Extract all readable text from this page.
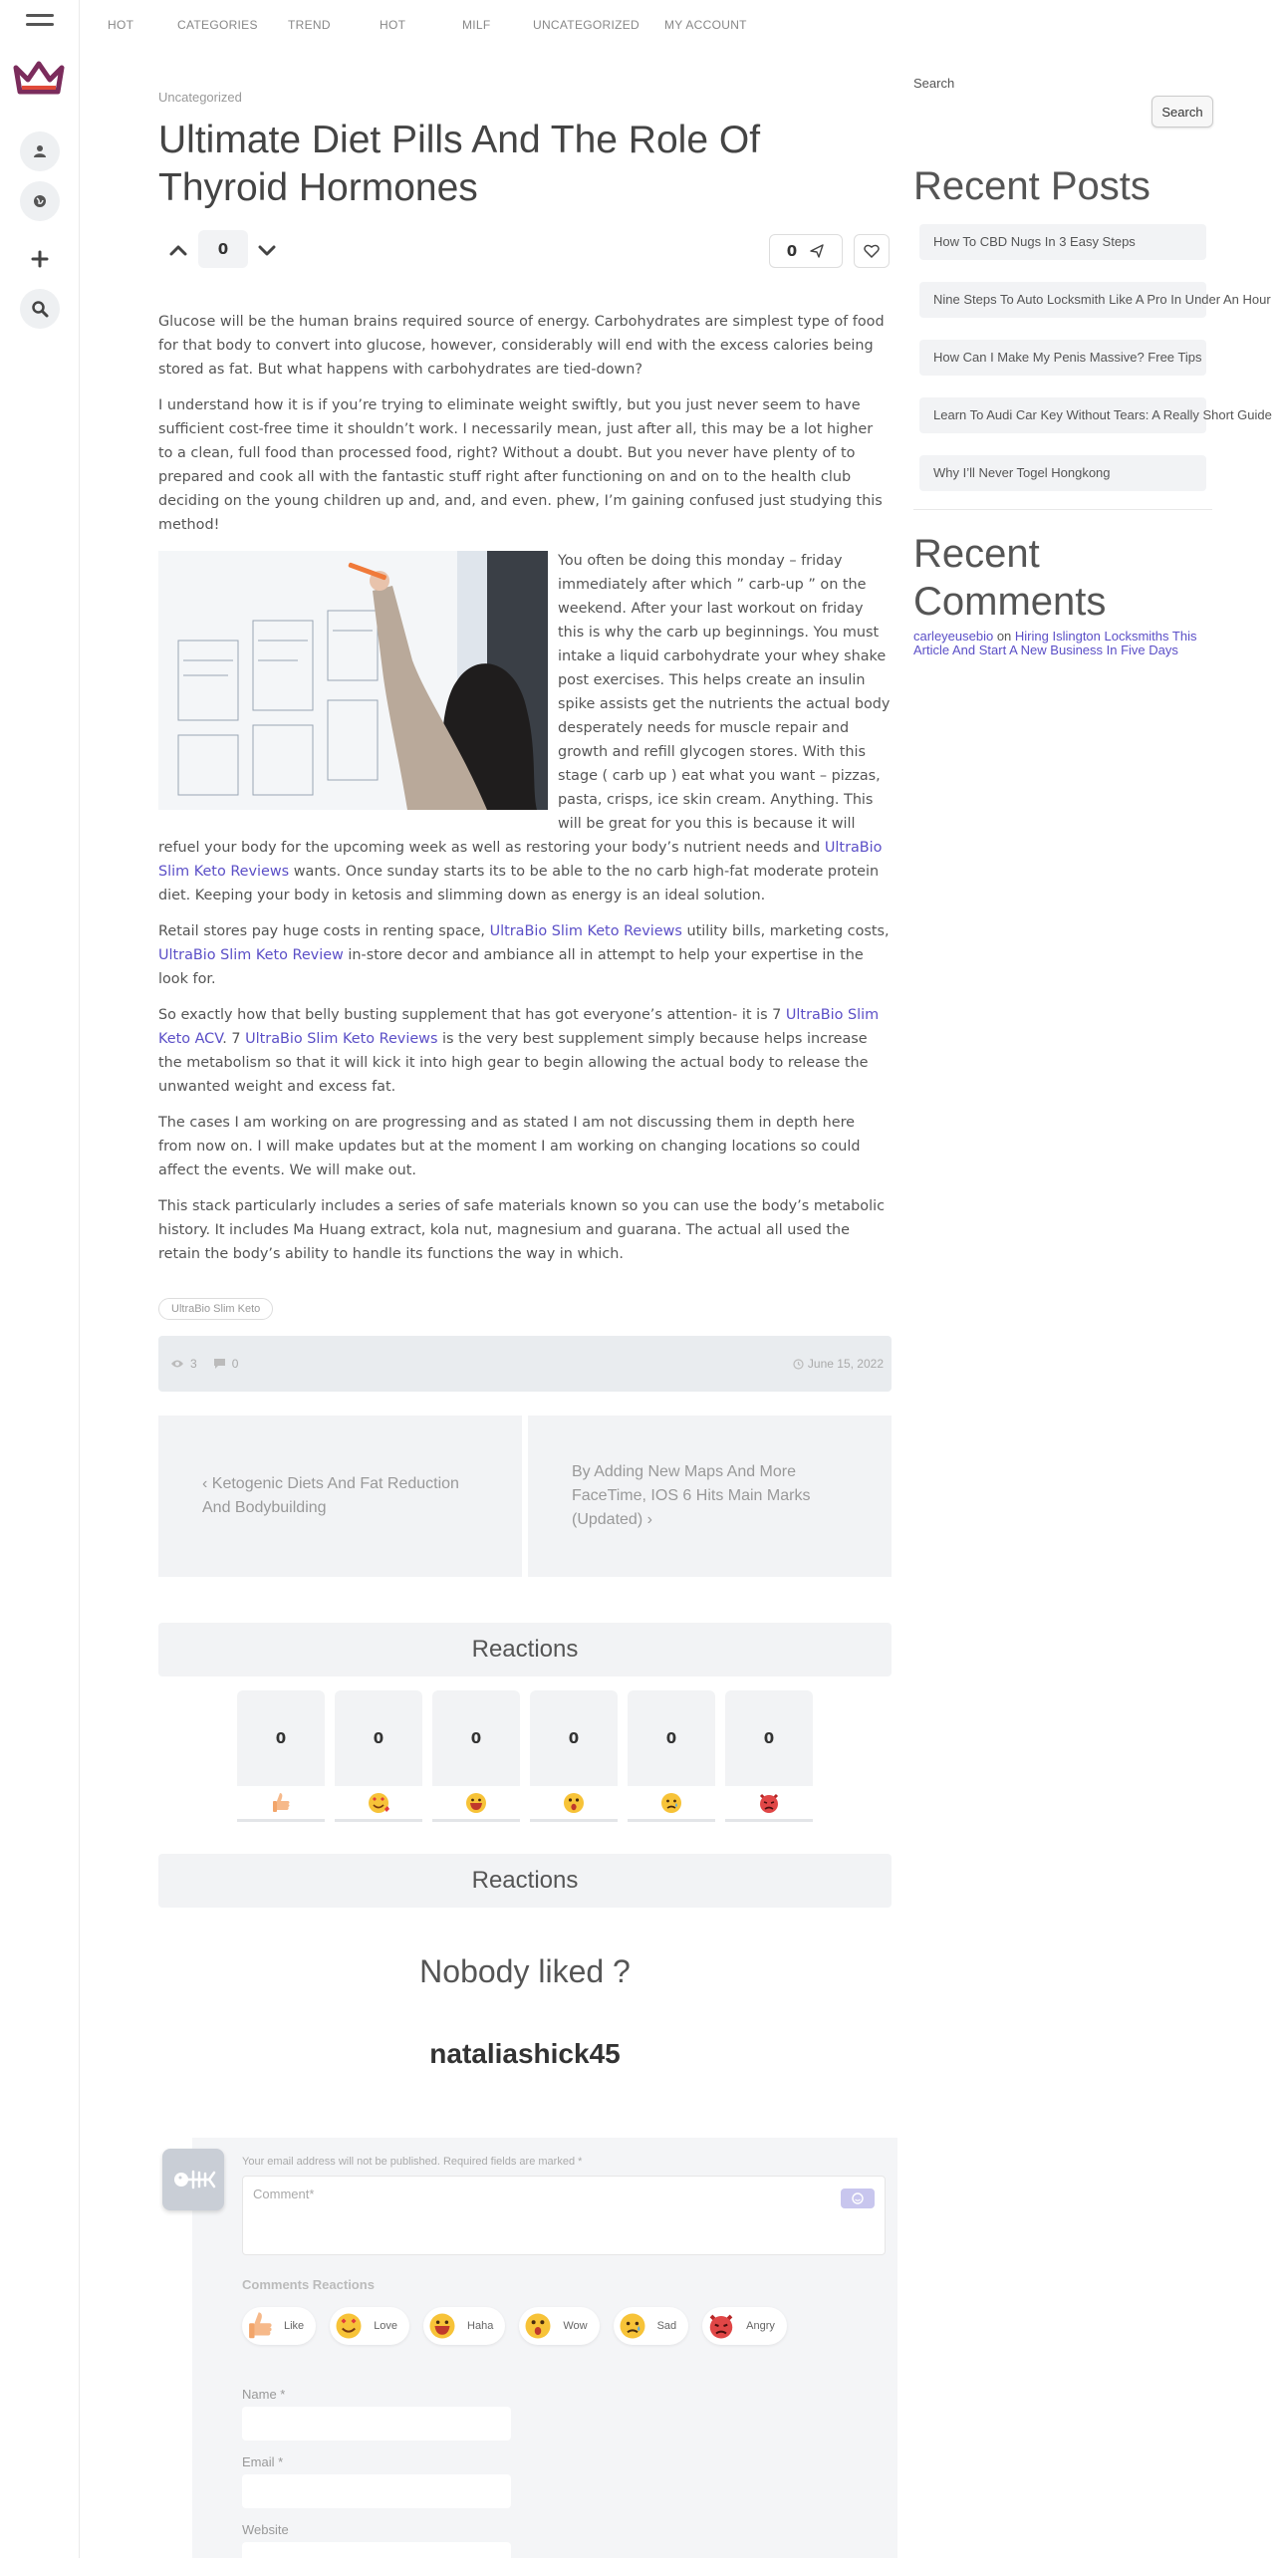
HOT	CATEGORIES	TREND	HOT	MILF	UNCATEGORIZED MY ACCOUNT
Uncategorized
Ultimate Diet Pills And The Role Of Thyroid Hormones
0	0

Glucose will be the human brains required source of energy. Carbohydrates are simplest type of food for that body to convert into glucose, however, considerably will end with the excess calories being stored as fat. But what happens with carbohydrates are tied-down?

I understand how it is if you’re trying to eliminate weight swiftly, but you just never seem to have sufficient cost-free time it shouldn’t work. I necessarily mean, just after all, this may be a lot higher to a clean, full food than processed food, right? Without a doubt. But you never have plenty of to prepared and cook all with the fantastic stuff right after functioning on and on to the health club deciding on the young children up and, and, and even. phew, I’m gaining confused just studying this method!

You often be doing this monday – friday immediately after which ” carb-up ” on the weekend. After your last workout on friday this is why the carb up beginnings. You must intake a liquid carbohydrate your whey shake post exercises. This helps create an insulin spike assists get the nutrients the actual body desperately needs for muscle repair and growth and refill glycogen stores. With this stage ( carb up ) eat what you want – pizzas, pasta, crisps, ice skin cream. Anything. This will be great for you this is because it will refuel your body for the upcoming week as well as restoring your body’s nutrient needs and UltraBio Slim Keto Reviews wants. Once sunday starts its to be able to the no carb high-fat moderate protein diet. Keeping your body in ketosis and slimming down as energy is an ideal solution.

Retail stores pay huge costs in renting space, UltraBio Slim Keto Reviews utility bills, marketing costs, UltraBio Slim Keto Review in-store decor and ambiance all in attempt to help your expertise in the look for.

So exactly how that belly busting supplement that has got everyone’s attention- it is 7 UltraBio Slim Keto ACV. 7 UltraBio Slim Keto Reviews is the very best supplement simply because helps increase the metabolism so that it will kick it into high gear to begin allowing the actual body to release the unwanted weight and excess fat.

The cases I am working on are progressing and as stated I am not discussing them in depth here from now on. I will make updates but at the moment I am working on changing locations so could affect the events. We will make out.

This stack particularly includes a series of safe materials known so you can use the body’s metabolic history. It includes Ma Huang extract, kola nut, magnesium and guarana. The actual all used the retain the body’s ability to handle its functions the way in which.

UltraBio Slim Keto
3	0	June 15, 2022
‹ Ketogenic Diets And Fat Reduction And Bodybuilding
By Adding New Maps And More FaceTime, IOS 6 Hits Main Marks (Updated) ›
Reactions
0	0	0	0	0	0
Reactions
Nobody liked ?
nataliashick45
Your email address will not be published. Required fields are marked *
Comment*
Comments Reactions
Like	Love	Haha	Wow	Sad	Angry
Name *
Email *
Website
Search
Search
Recent Posts
How To CBD Nugs In 3 Easy Steps
Nine Steps To Auto Locksmith Like A Pro In Under An Hour
How Can I Make My Penis Massive? Free Tips
Learn To Audi Car Key Without Tears: A Really Short Guide
Why I’ll Never Togel Hongkong
Recent Comments
carleyeusebio on Hiring Islington Locksmiths This Article And Start A New Business In Five Days
